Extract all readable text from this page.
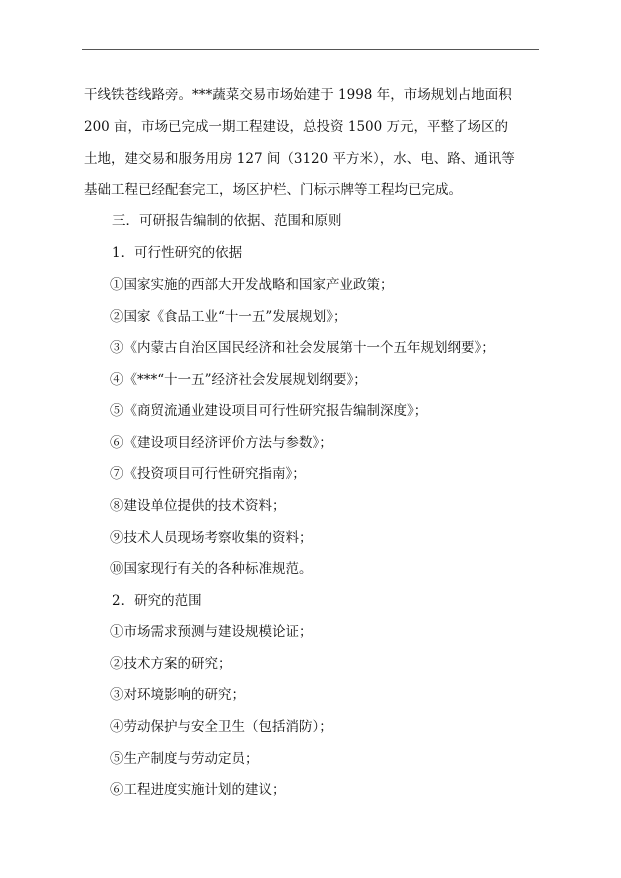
干线铁苍线路旁。***蔬菜交易市场始建于 1998 年，市场规划占地面积
200 亩，市场已完成一期工程建设，总投资 1500 万元，平整了场区的
土地，建交易和服务用房 127 间（3120 平方米），水、电、路、通讯等
基础工程已经配套完工，场区护栏、门标示牌等工程均已完成。
三．可研报告编制的依据、范围和原则
1．可行性研究的依据
①国家实施的西部大开发战略和国家产业政策；
②国家《食品工业“十一五”发展规划》；
③《内蒙古自治区国民经济和社会发展第十一个五年规划纲要》；
④《***“十一五”经济社会发展规划纲要》；
⑤《商贸流通业建设项目可行性研究报告编制深度》；
⑥《建设项目经济评价方法与参数》；
⑦《投资项目可行性研究指南》；
⑧建设单位提供的技术资料；
⑨技术人员现场考察收集的资料；
⑩国家现行有关的各种标准规范。
2．研究的范围
①市场需求预测与建设规模论证；
②技术方案的研究；
③对环境影响的研究；
④劳动保护与安全卫生（包括消防）；
⑤生产制度与劳动定员；
⑥工程进度实施计划的建议；
